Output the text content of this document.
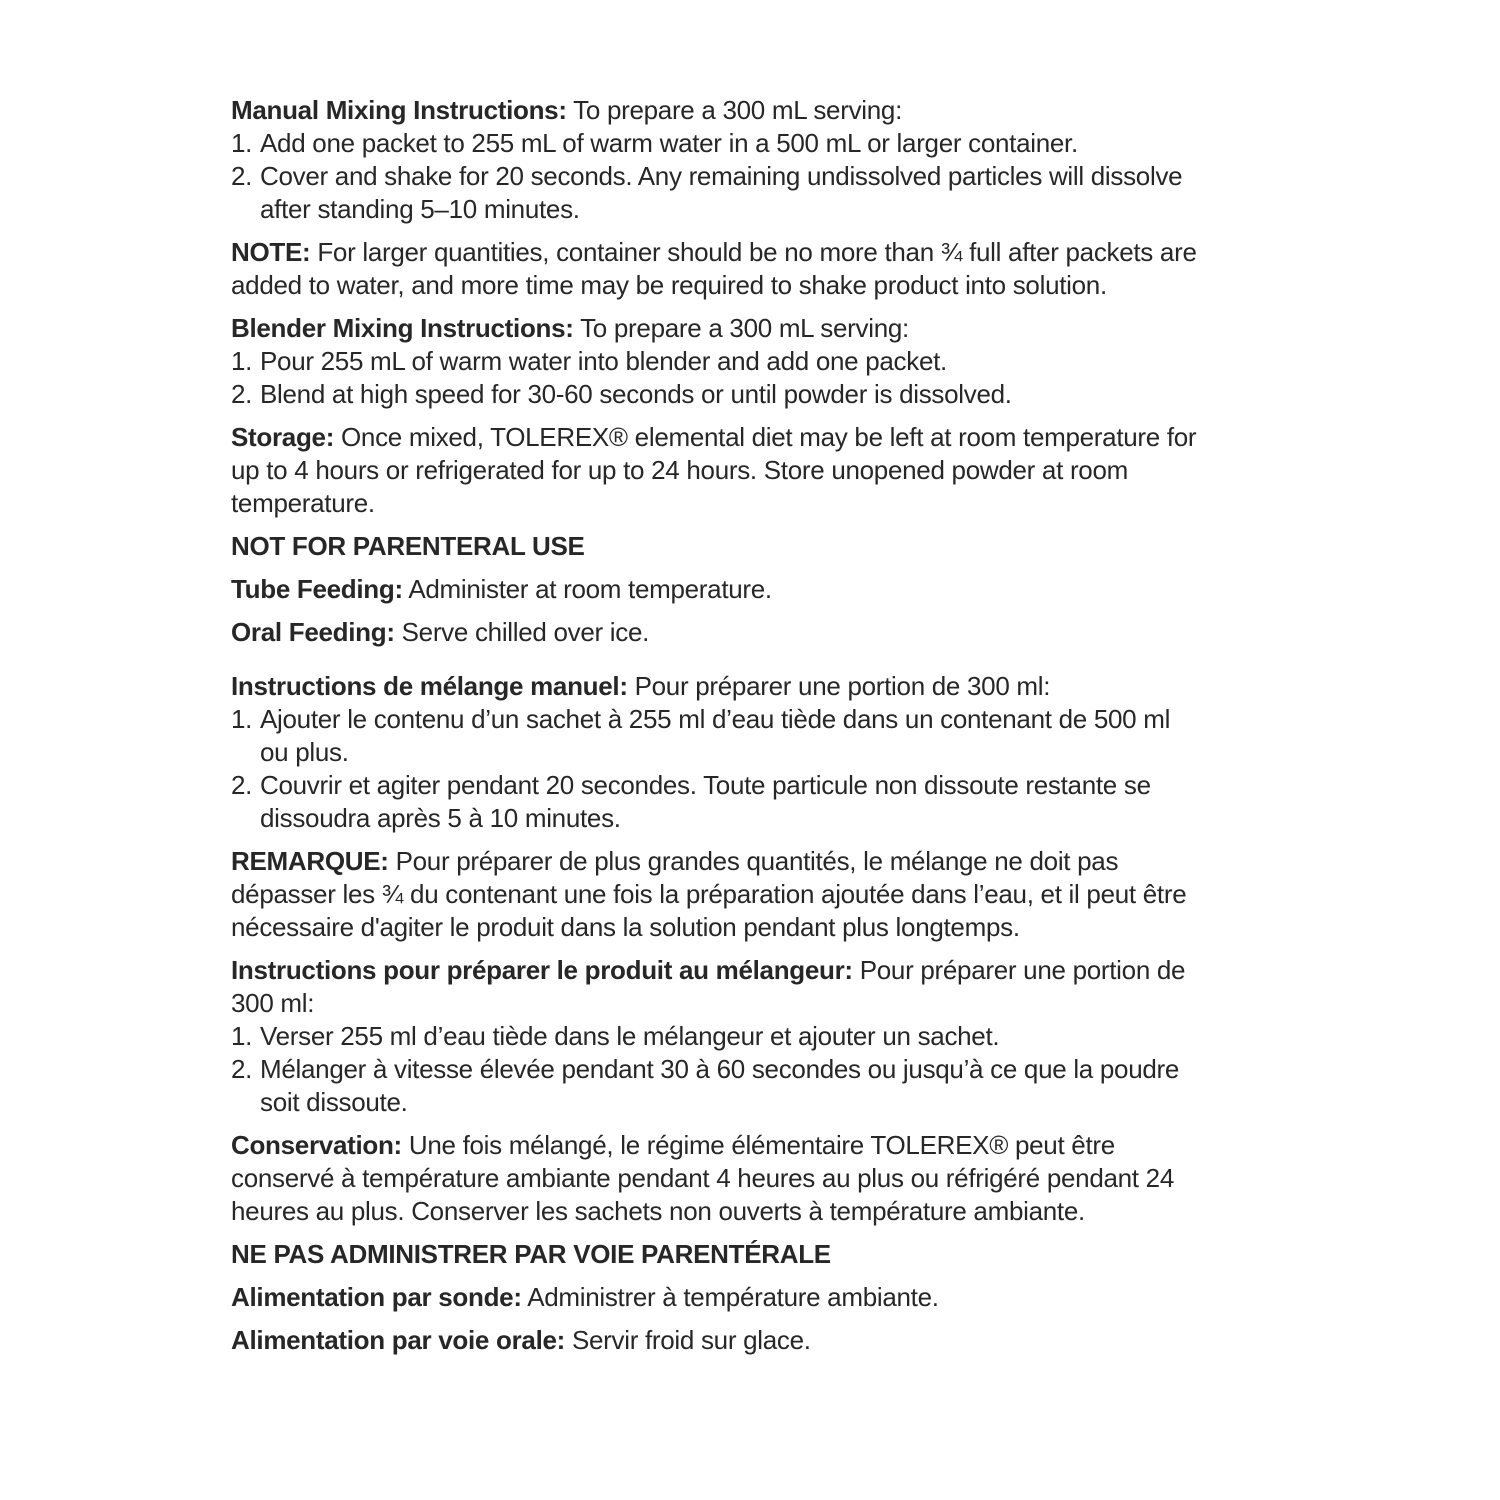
Manual Mixing Instructions: To prepare a 300 mL serving:

1. Add one packet to 255 mL of warm water in a 500 mL or larger container.

2. Cover and shake for 20 seconds. Any remaining undissolved particles will dissolve after standing 5–10 minutes.

NOTE: For larger quantities, container should be no more than ¾ full after packets are added to water, and more time may be required to shake product into solution.

Blender Mixing Instructions: To prepare a 300 mL serving:

1. Pour 255 mL of warm water into blender and add one packet.

2. Blend at high speed for 30-60 seconds or until powder is dissolved.

Storage: Once mixed, TOLEREX® elemental diet may be left at room temperature for up to 4 hours or refrigerated for up to 24 hours. Store unopened powder at room temperature.

NOT FOR PARENTERAL USE

Tube Feeding: Administer at room temperature.

Oral Feeding: Serve chilled over ice.

Instructions de mélange manuel: Pour préparer une portion de 300 ml:

1. Ajouter le contenu d’un sachet à 255 ml d’eau tiède dans un contenant de 500 ml ou plus.

2. Couvrir et agiter pendant 20 secondes. Toute particule non dissoute restante se dissoudra après 5 à 10 minutes.

REMARQUE: Pour préparer de plus grandes quantités, le mélange ne doit pas dépasser les ¾ du contenant une fois la préparation ajoutée dans l’eau, et il peut être nécessaire d'agiter le produit dans la solution pendant plus longtemps.

Instructions pour préparer le produit au mélangeur: Pour préparer une portion de 300 ml:

1. Verser 255 ml d’eau tiède dans le mélangeur et ajouter un sachet.

2. Mélanger à vitesse élevée pendant 30 à 60 secondes ou jusqu’à ce que la poudre soit dissoute.

Conservation: Une fois mélangé, le régime élémentaire TOLEREX® peut être conservé à température ambiante pendant 4 heures au plus ou réfrigéré pendant 24 heures au plus. Conserver les sachets non ouverts à température ambiante.

NE PAS ADMINISTRER PAR VOIE PARENTÉRALE

Alimentation par sonde: Administrer à température ambiante.

Alimentation par voie orale: Servir froid sur glace.
